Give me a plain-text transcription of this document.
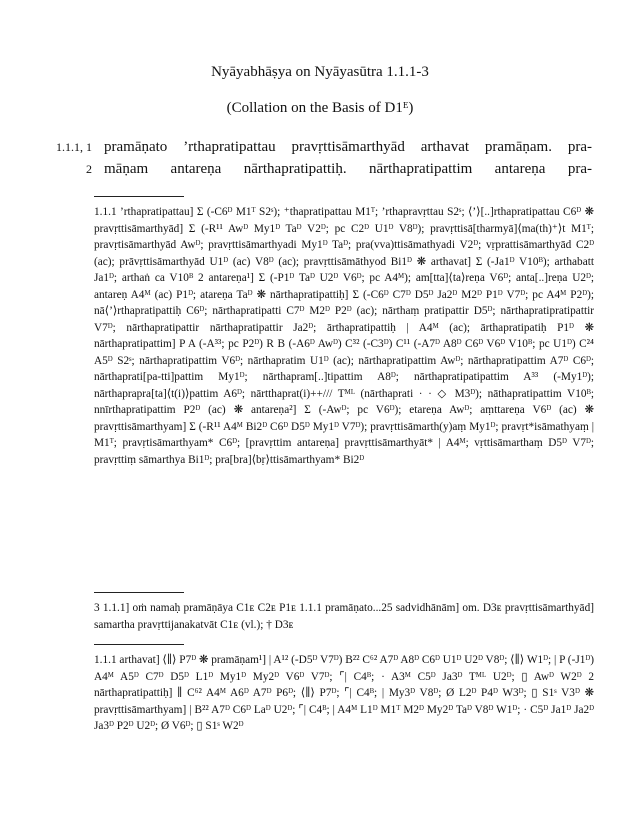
Nyāyabhāṣya on Nyāyasūtra 1.1.1-3
(Collation on the Basis of D1ᴱ)
1.1.1, 1 pramāṇato ’rthapratipattau pravṛttisāmarthyād arthavat pramāṇam. pra-
2 māṇam antareṇa nārthapratipattiḥ. nārthapratipattim antareṇa pra-

1.1.1 ’rthapratipattau] Σ (-C6ᴰ M1ᵀ S2ˢ); ⁺thapratipattau M1ᵀ; ’rthapravṛttau S2ˢ; ⟨’⟩[..]rthapratipattau C6ᴰ ❋ pravṛttisāmarthyād] Σ (-R¹¹ Awᴰ My1ᴰ Taᴰ V2ᴰ; pc C2ᴰ U1ᴰ V8ᴰ); pravṛttisā[tharmyā]⟨ma(th)⁺⟩t M1ᵀ; pravṛtisāmarthyād Awᴰ; pravṛttisāmarthyadi My1ᴰ Taᴰ; pra(vva)ttisāmathyadi V2ᴰ; vṛprattisāmarthyād C2ᴰ (ac); prāvṛttisāmarthyād U1ᴰ (ac) V8ᴰ (ac); pravṛttisāmāthyod Bi1ᴰ ❋ arthavat] Σ (-Ja1ᴰ V10ᴮ); arthabatt Ja1ᴰ; arthaṅ ca V10ᴮ 2 antareṇa¹] Σ (-P1ᴰ Taᴰ U2ᴰ V6ᴰ; pc A4ᴹ); am[tta]⟨ta⟩reṇa V6ᴰ; anta[..]reṇa U2ᴰ; antareṇ A4ᴹ (ac) P1ᴰ; atareṇa Taᴰ ❋ nārthapratipattiḥ] Σ (-C6ᴰ C7ᴰ D5ᴰ Ja2ᴰ M2ᴰ P1ᴰ V7ᴰ; pc A4ᴹ P2ᴰ); nā⟨’⟩rthapratipattiḥ C6ᴰ; nārthapratipatti C7ᴰ M2ᴰ P2ᴰ (ac); nārthaṃ pratipattir D5ᴰ; nārthapratipratipattir V7ᴰ; nārthapratipattir nārthapratipattir Ja2ᴰ; ārthapratipattiḥ | A4ᴹ (ac); ārthapratipatiḥ P1ᴰ ❋ nārthapratipattim] P A (-A³³; pc P2ᴰ) R B (-A6ᴰ Awᴰ) C³² (-C3ᴰ) C¹¹ (-A7ᴰ A8ᴰ C6ᴰ V6ᴰ V10ᴮ; pc U1ᴰ) C²⁴ A5ᴰ S2ˢ; nārthapratipattim V6ᴰ; nārthapratim U1ᴰ (ac); nārthapratipattim Awᴰ; nārthapratipattim A7ᴰ C6ᴰ; nārthaprati[pa-tti]pattim My1ᴰ; nārthapram[..]tipattim A8ᴰ; nārthapratipatipattim A³³ (-My1ᴰ); nārthaprapra[ta]⟨t(i)⟩pattim A6ᴰ; nārtthaprat(i)++/// Tᴹᴸ (nārthaprati · · ◇ M3ᴰ); nāthapratipattim V10ᴮ; nnīrthapratipattim P2ᴰ (ac) ❋ antareṇa²] Σ (-Awᴰ; pc V6ᴰ); etareṇa Awᴰ; aṃttareṇa V6ᴰ (ac) ❋ pravṛttisāmarthyam] Σ (-R¹¹ A4ᴹ Bi2ᴰ C6ᴰ D5ᴰ My1ᴰ V7ᴰ); pravṛttisāmarth(y)aṃ My1ᴰ; pravṛt*isāmathyaṃ | M1ᵀ; pravṛtisāmarthyam* C6ᴰ; [pravṛttim antareṇa] pravṛttisāmarthyāt* | A4ᴹ; vṛttisāmarthaṃ D5ᴰ V7ᴰ; pravṛttiṃ sāmarthya Bi1ᴰ; pra[bra]⟨bṛ⟩ttisāmarthyam* Bi2ᴰ

3 1.1.1] oṁ namaḥ pramāṇāya C1ᴇ C2ᴇ P1ᴇ 1.1.1 pramāṇato...25 sadvidhānām] om. D3ᴇ pravṛttisāmarthyād] samartha pravṛttijanakatvāt C1ᴇ (vl.); † D3ᴇ

1.1.1 arthavat] ⟨∥⟩ P7ᴰ ❋ pramāṇam¹] | A¹² (-D5ᴰ V7ᴰ) B²² C⁶² A7ᴰ A8ᴰ C6ᴰ U1ᴰ U2ᴰ V8ᴰ; ⟨∥⟩ W1ᴰ; | P (-J1ᴰ) A4ᴹ A5ᴰ C7ᴰ D5ᴰ L1ᴰ My1ᴰ My2ᴰ V6ᴰ V7ᴰ; ⌜| C4ᴮ; · A3ᴹ C5ᴰ Ja3ᴰ Tᴹᴸ U2ᴰ; ▯ Awᴰ W2ᴰ 2 nārthapratipattiḥ] ∥ C⁶² A4ᴹ A6ᴰ A7ᴰ P6ᴰ; ⟨∥⟩ P7ᴰ; ⌜| C4ᴮ; | My3ᴰ V8ᴰ; Ø L2ᴰ P4ᴰ W3ᴰ; ▯ S1ˢ V3ᴰ ❋ pravṛttisāmarthyam] | B²² A7ᴰ C6ᴰ Laᴰ U2ᴰ; ⌜| C4ᴮ; | A4ᴹ L1ᴰ M1ᵀ M2ᴰ My2ᴰ Taᴰ V8ᴰ W1ᴰ; · C5ᴰ Ja1ᴰ Ja2ᴰ Ja3ᴰ P2ᴰ U2ᴰ; Ø V6ᴰ; ▯ S1ˢ W2ᴰ
